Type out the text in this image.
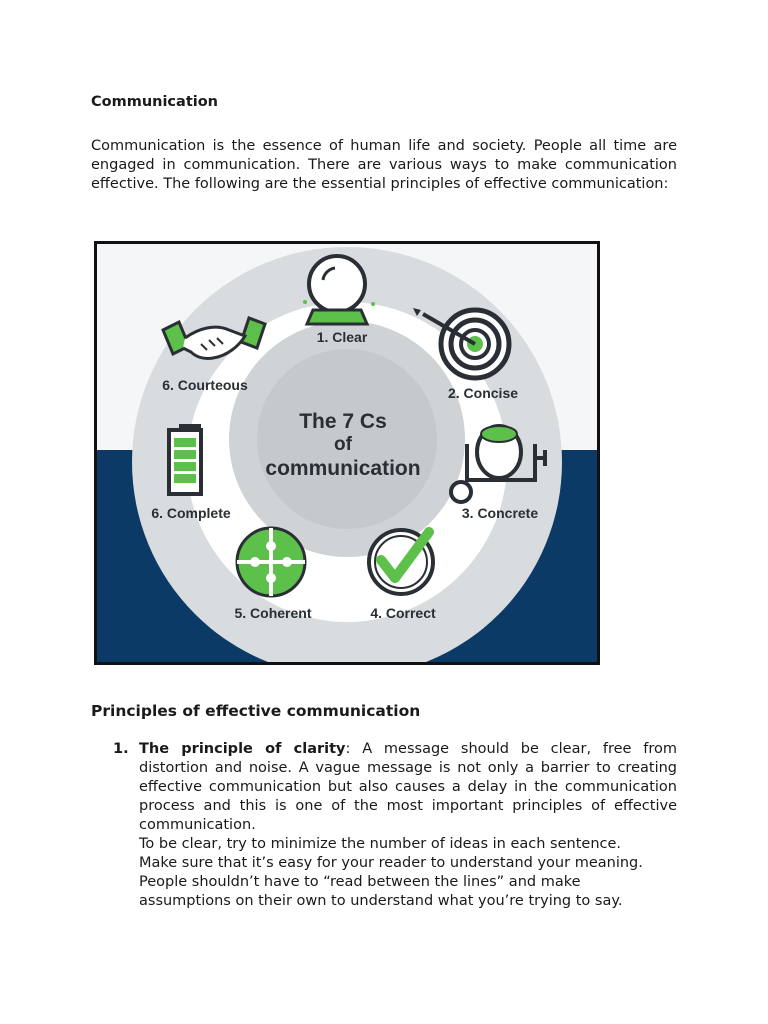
Communication
Communication is the essence of human life and society. People all time are engaged in communication. There are various ways to make communication effective. The following are the essential principles of effective communication:
The 7 Cs
of
communication
1. Clear
2. Concise
3. Concrete
4. Correct
5. Coherent
6. Complete
6. Courteous
Principles of effective communication
1. The principle of clarity: A message should be clear, free from distortion and noise. A vague message is not only a barrier to creating effective communication but also causes a delay in the communication process and this is one of the most important principles of effective communication.
To be clear, try to minimize the number of ideas in each sentence.
Make sure that it’s easy for your reader to understand your meaning.
People shouldn’t have to “read between the lines” and make
assumptions on their own to understand what you’re trying to say.
